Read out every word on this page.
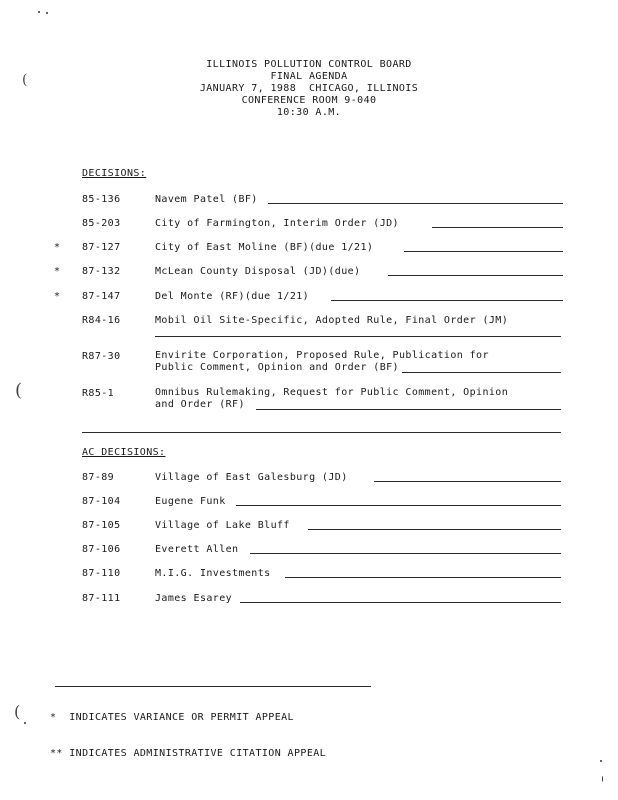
ILLINOIS POLLUTION CONTROL BOARD
FINAL AGENDA
JANUARY 7, 1988  CHICAGO, ILLINOIS
CONFERENCE ROOM 9-040
10:30 A.M.
DECISIONS:
85-136	Navem Patel (BF)
85-203	City of Farmington, Interim Order (JD)
*	87-127	City of East Moline (BF)(due 1/21)
*	87-132	McLean County Disposal (JD)(due)
*	87-147	Del Monte (RF)(due 1/21)
R84-16	Mobil Oil Site-Specific, Adopted Rule, Final Order (JM)
R87-30	Envirite Corporation, Proposed Rule, Publication for
Public Comment, Opinion and Order (BF)
R85-1	Omnibus Rulemaking, Request for Public Comment, Opinion
and Order (RF)
AC DECISIONS:
87-89	Village of East Galesburg (JD)
87-104	Eugene Funk
87-105	Village of Lake Bluff
87-106	Everett Allen
87-110	M.I.G. Investments
87-111	James Esarey

*  INDICATES VARIANCE OR PERMIT APPEAL

** INDICATES ADMINISTRATIVE CITATION APPEAL

(
(
(
